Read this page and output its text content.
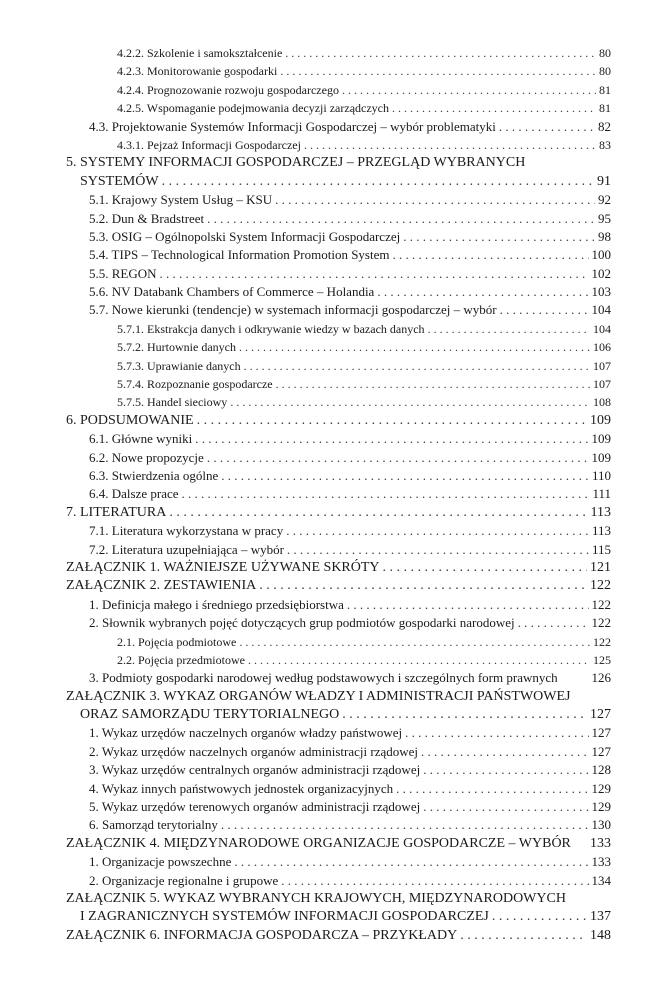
4.2.2. Szkolenie i samokształcenie . . .	80
4.2.3. Monitorowanie gospodarki . . .	80
4.2.4. Prognozowanie rozwoju gospodarczego . . .	81
4.2.5. Wspomaganie podejmowania decyzji zarządczych . . .	81
4.3. Projektowanie Systemów Informacji Gospodarczej – wybór problematyki . . .	82
4.3.1. Pejzaż Informacji Gospodarczej . . .	83
5. SYSTEMY INFORMACJI GOSPODARCZEJ – PRZEGLĄD WYBRANYCH
SYSTEMÓW . . .	91
5.1. Krajowy System Usług – KSU . . .	92
5.2. Dun & Bradstreet . . .	95
5.3. OSIG – Ogólnopolski System Informacji Gospodarczej . . .	98
5.4. TIPS – Technological Information Promotion System . . .	100
5.5. REGON . . .	102
5.6. NV Databank Chambers of Commerce – Holandia . . .	103
5.7. Nowe kierunki (tendencje) w systemach informacji gospodarczej – wybór . . .	104
5.7.1. Ekstrakcja danych i odkrywanie wiedzy w bazach danych . . .	104
5.7.2. Hurtownie danych . . .	106
5.7.3. Uprawianie danych . . .	107
5.7.4. Rozpoznanie gospodarcze . . .	107
5.7.5. Handel sieciowy . . .	108
6. PODSUMOWANIE . . .	109
6.1. Główne wyniki . . .	109
6.2. Nowe propozycje . . .	109
6.3. Stwierdzenia ogólne . . .	110
6.4. Dalsze prace . . .	111
7. LITERATURA . . .	113
7.1. Literatura wykorzystana w pracy . . .	113
7.2. Literatura uzupełniająca – wybór . . .	115
ZAŁĄCZNIK 1. WAŻNIEJSZE UŻYWANE SKRÓTY . . .	121
ZAŁĄCZNIK 2. ZESTAWIENIA . . .	122
1. Definicja małego i średniego przedsiębiorstwa . . .	122
2. Słownik wybranych pojęć dotyczących grup podmiotów gospodarki narodowej . . .	122
2.1. Pojęcia podmiotowe . . .	122
2.2. Pojęcia przedmiotowe . . .	125
3. Podmioty gospodarki narodowej według podstawowych i szczególnych form prawnych	126
ZAŁĄCZNIK 3. WYKAZ ORGANÓW WŁADZY I ADMINISTRACJI PAŃSTWOWEJ
ORAZ SAMORZĄDU TERYTORIALNEGO . . .	127
1. Wykaz urzędów naczelnych organów władzy państwowej . . .	127
2. Wykaz urzędów naczelnych organów administracji rządowej . . .	127
3. Wykaz urzędów centralnych organów administracji rządowej . . .	128
4. Wykaz innych państwowych jednostek organizacyjnych . . .	129
5. Wykaz urzędów terenowych organów administracji rządowej . . .	129
6. Samorząd terytorialny . . .	130
ZAŁĄCZNIK 4. MIĘDZYNARODOWE ORGANIZACJE GOSPODARCZE – WYBÓR 133
1. Organizacje powszechne . . .	133
2. Organizacje regionalne i grupowe . . .	134
ZAŁĄCZNIK 5. WYKAZ WYBRANYCH KRAJOWYCH, MIĘDZYNARODOWYCH
I ZAGRANICZNYCH SYSTEMÓW INFORMACJI GOSPODARCZEJ . . .	137
ZAŁĄCZNIK 6. INFORMACJA GOSPODARCZA – PRZYKŁADY . . .	148
